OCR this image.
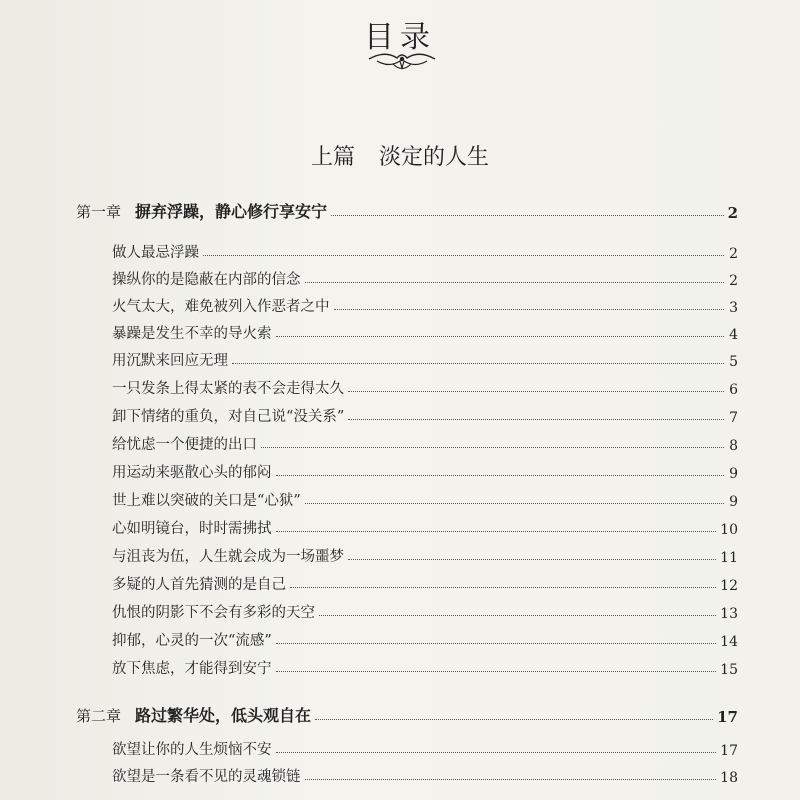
目录
上篇 淡定的人生
第一章 摒弃浮躁，静心修行享安宁	2
做人最忌浮躁	2
操纵你的是隐蔽在内部的信念	2
火气太大，难免被列入作恶者之中	3
暴躁是发生不幸的导火索	4
用沉默来回应无理	5
一只发条上得太紧的表不会走得太久	6
卸下情绪的重负，对自己说“没关系”	7
给忧虑一个便捷的出口	8
用运动来驱散心头的郁闷	9
世上难以突破的关口是“心狱”	9
心如明镜台，时时需拂拭	10
与沮丧为伍，人生就会成为一场噩梦	11
多疑的人首先猜测的是自己	12
仇恨的阴影下不会有多彩的天空	13
抑郁，心灵的一次“流感”	14
放下焦虑，才能得到安宁	15
第二章 路过繁华处，低头观自在	17
欲望让你的人生烦恼不安	17
欲望是一条看不见的灵魂锁链	18
